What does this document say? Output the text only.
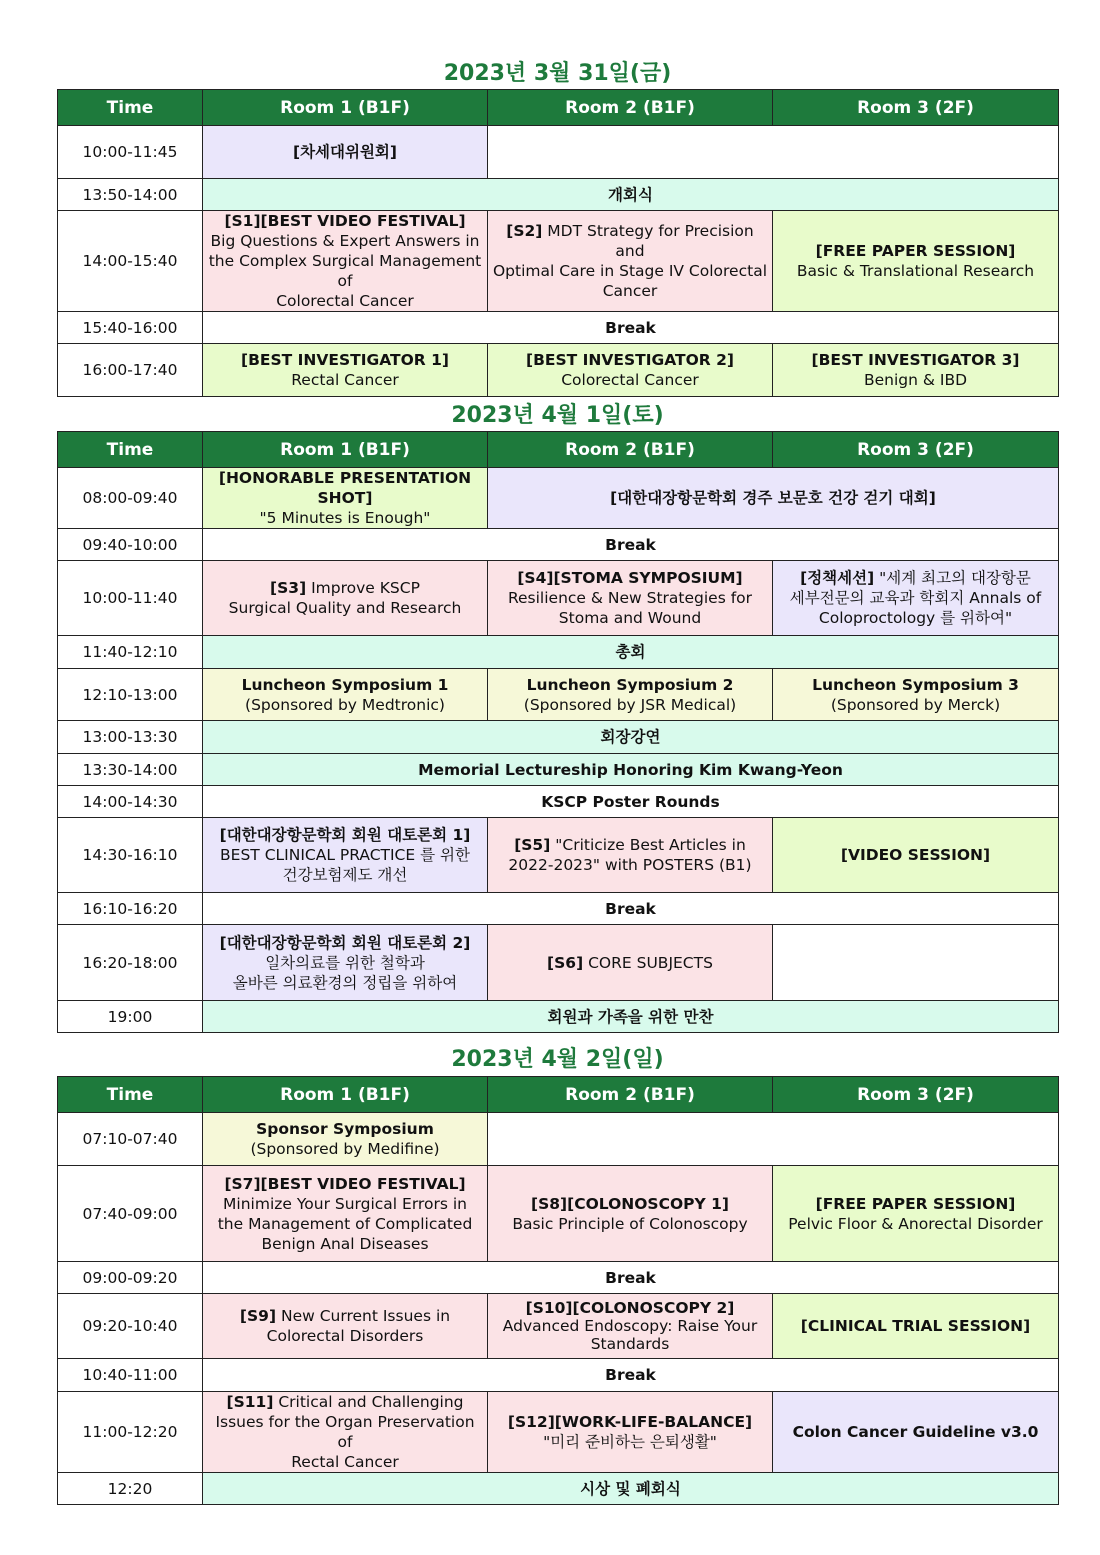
2023년 3월 31일(금)
Time	Room 1 (B1F)	Room 2 (B1F)	Room 3 (2F)
10:00-11:45	[차세대위원회]		
13:50-14:00	개회식		
14:00-15:40	[S1][BEST VIDEO FESTIVAL]
Big Questions & Expert Answers in
the Complex Surgical Management of
Colorectal Cancer	[S2] MDT Strategy for Precision and
Optimal Care in Stage IV Colorectal
Cancer	[FREE PAPER SESSION]
Basic & Translational Research

15:40-16:00	Break		
16:00-17:40	[BEST INVESTIGATOR 1]
Rectal Cancer	[BEST INVESTIGATOR 2]
Colorectal Cancer	[BEST INVESTIGATOR 3]
Benign & IBD
2023년 4월 1일(토)
Time	Room 1 (B1F)	Room 2 (B1F)	Room 3 (2F)
08:00-09:40	[HONORABLE PRESENTATION SHOT]
"5 Minutes is Enough"	[대한대장항문학회 경주 보문호 건강 걷기 대회]	
09:40-10:00	Break		
10:00-11:40	[S3] Improve KSCP
Surgical Quality and Research	[S4][STOMA SYMPOSIUM]
Resilience & New Strategies for
Stoma and Wound	[정책세션] "세계 최고의 대장항문
세부전문의 교육과 학회지 Annals of
Coloproctology 를 위하여"

11:40-12:10	총회		
12:10-13:00	Luncheon Symposium 1
(Sponsored by Medtronic)	Luncheon Symposium 2
(Sponsored by JSR Medical)	Luncheon Symposium 3
(Sponsored by Merck)

13:00-13:30	회장강연		
13:30-14:00	Memorial Lectureship Honoring Kim Kwang-Yeon		
14:00-14:30	KSCP Poster Rounds		
14:30-16:10	[대한대장항문학회 회원 대토론회 1]
BEST CLINICAL PRACTICE 를 위한
건강보험제도 개선	[S5] "Criticize Best Articles in
2022-2023" with POSTERS (B1)	[VIDEO SESSION]
16:10-16:20	Break		
16:20-18:00	[대한대장항문학회 회원 대토론회 2]
일차의료를 위한 철학과
올바른 의료환경의 정립을 위하여	[S6] CORE SUBJECTS	
19:00	회원과 가족을 위한 만찬		
2023년 4월 2일(일)
Time	Room 1 (B1F)	Room 2 (B1F)	Room 3 (2F)
07:10-07:40	Sponsor Symposium
(Sponsored by Medifine)		

07:40-09:00	[S7][BEST VIDEO FESTIVAL]
Minimize Your Surgical Errors in
the Management of Complicated
Benign Anal Diseases	[S8][COLONOSCOPY 1]
Basic Principle of Colonoscopy	[FREE PAPER SESSION]
Pelvic Floor & Anorectal Disorder

09:00-09:20	Break		
09:20-10:40	[S9] New Current Issues in
Colorectal Disorders	[S10][COLONOSCOPY 2]
Advanced Endoscopy: Raise Your
Standards	[CLINICAL TRIAL SESSION]
10:40-11:00	Break		
11:00-12:20	[S11] Critical and Challenging
Issues for the Organ Preservation of
Rectal Cancer	[S12][WORK-LIFE-BALANCE]
"미리 준비하는 은퇴생활"	Colon Cancer Guideline v3.0
12:20	시상 및 폐회식		
